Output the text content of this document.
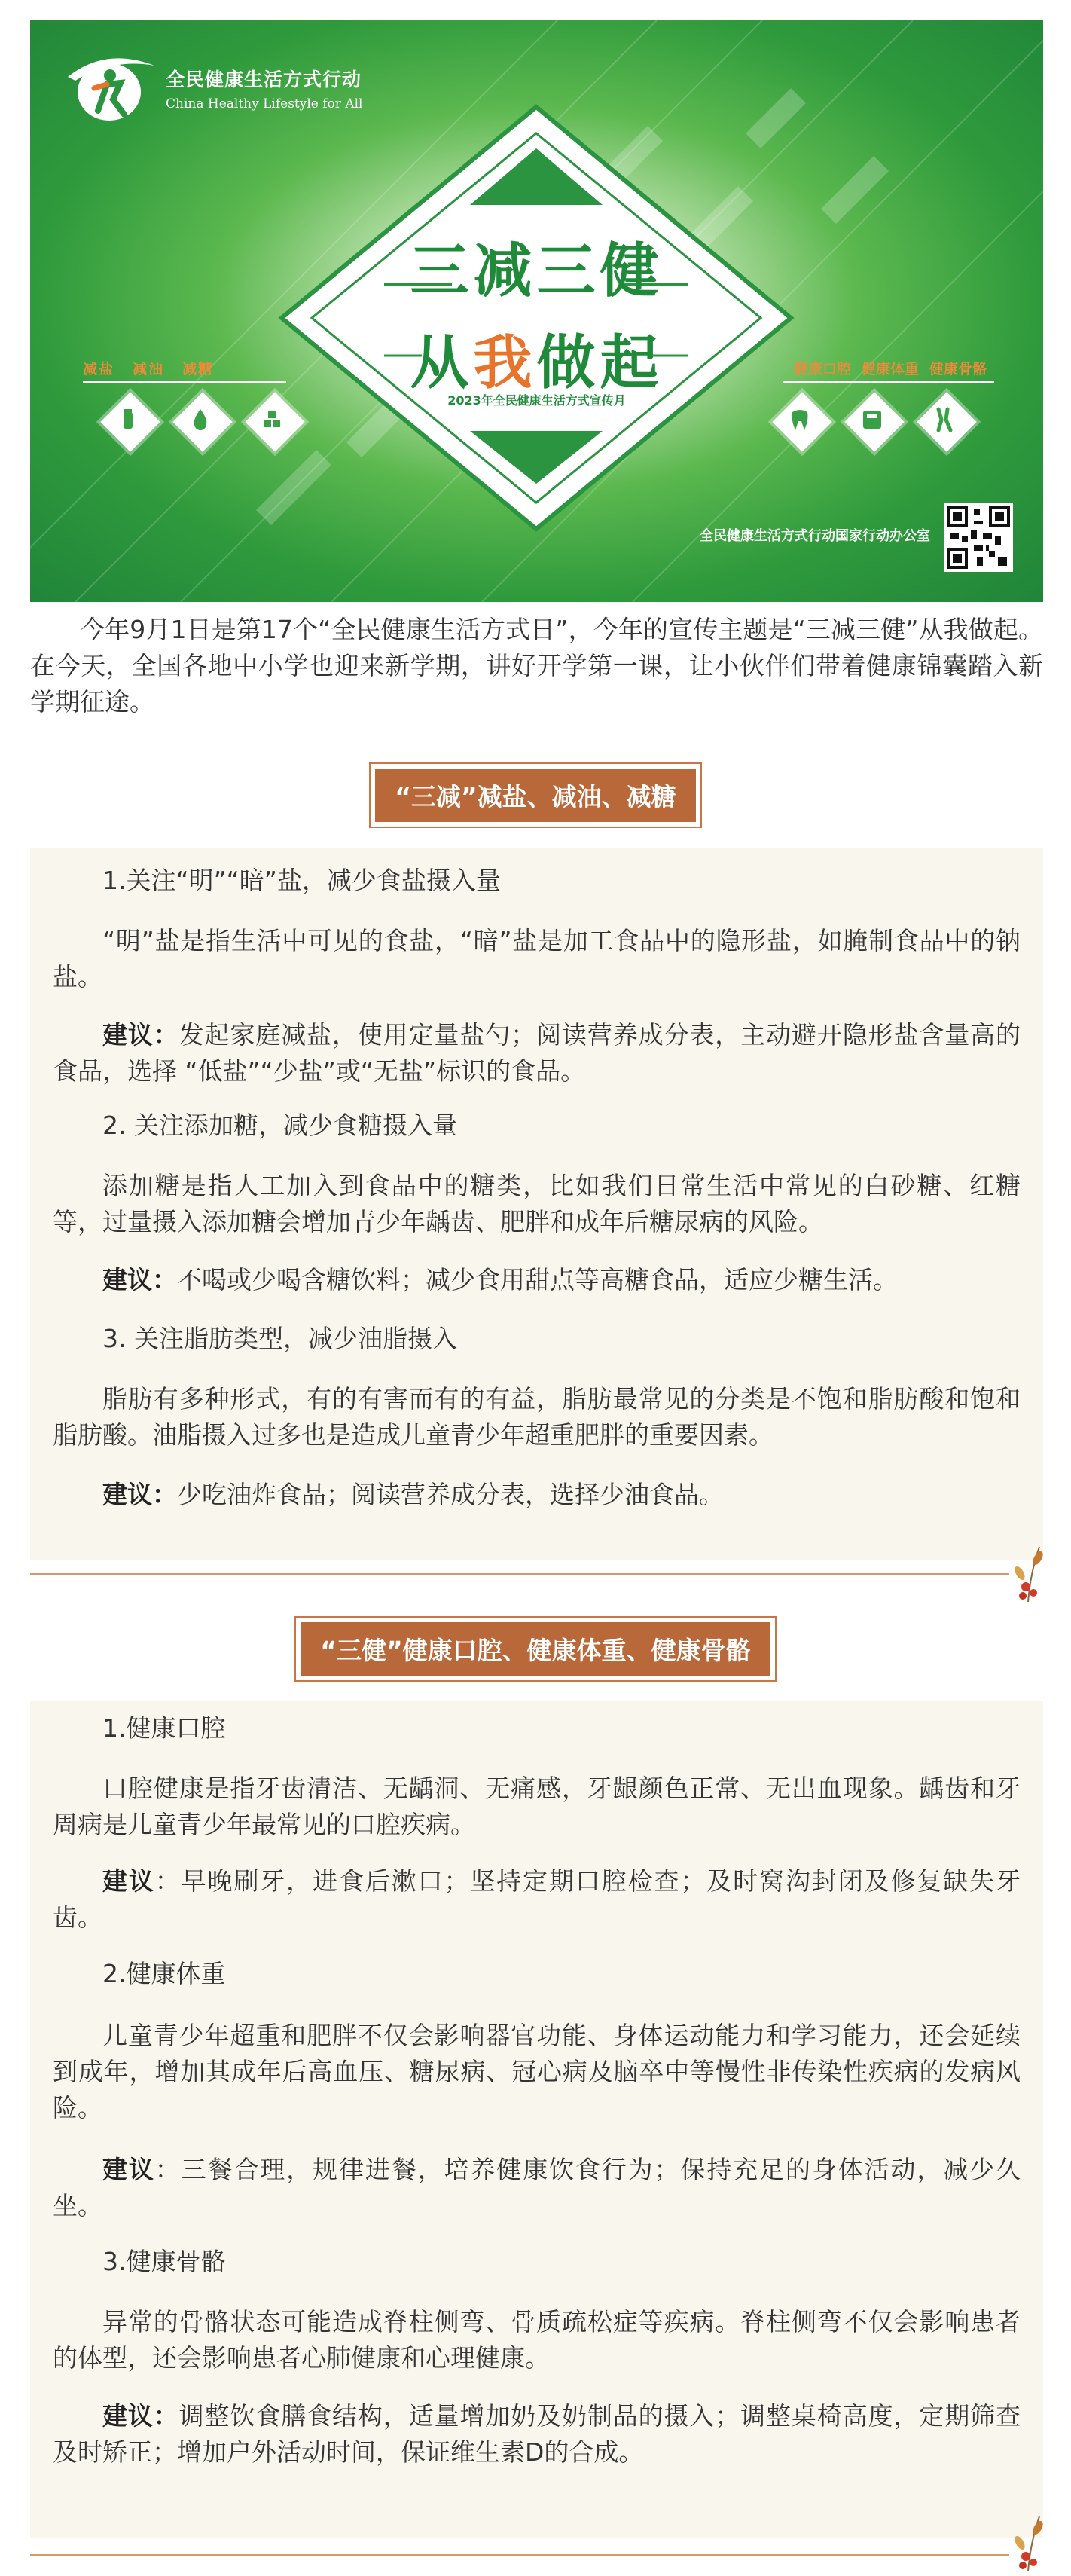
全民健康生活方式行动
China Healthy Lifestyle for All
三减三健
从我做起
2023年全民健康生活方式宣传月
减盐 减油 减糖	健康口腔 健康体重 健康骨骼
全民健康生活方式行动国家行动办公室

今年9月1日是第17个“全民健康生活方式日”，今年的宣传主题是“三减三健”从我做起。在今天，全国各地中小学也迎来新学期，讲好开学第一课，让小伙伴们带着健康锦囊踏入新学期征途。

“三减”减盐、减油、减糖
1.关注“明”“暗”盐，减少食盐摄入量
“明”盐是指生活中可见的食盐，“暗”盐是加工食品中的隐形盐，如腌制食品中的钠盐。
建议：发起家庭减盐，使用定量盐勺；阅读营养成分表，主动避开隐形盐含量高的食品，选择 “低盐”“少盐”或“无盐”标识的食品。
2. 关注添加糖，减少食糖摄入量
添加糖是指人工加入到食品中的糖类，比如我们日常生活中常见的白砂糖、红糖等，过量摄入添加糖会增加青少年龋齿、肥胖和成年后糖尿病的风险。
建议：不喝或少喝含糖饮料；减少食用甜点等高糖食品，适应少糖生活。
3. 关注脂肪类型，减少油脂摄入
脂肪有多种形式，有的有害而有的有益，脂肪最常见的分类是不饱和脂肪酸和饱和脂肪酸。油脂摄入过多也是造成儿童青少年超重肥胖的重要因素。
建议：少吃油炸食品；阅读营养成分表，选择少油食品。
“三健”健康口腔、健康体重、健康骨骼
1.健康口腔
口腔健康是指牙齿清洁、无龋洞、无痛感，牙龈颜色正常、无出血现象。龋齿和牙周病是儿童青少年最常见的口腔疾病。
建议：早晚刷牙，进食后漱口；坚持定期口腔检查；及时窝沟封闭及修复缺失牙齿。
2.健康体重
儿童青少年超重和肥胖不仅会影响器官功能、身体运动能力和学习能力，还会延续到成年，增加其成年后高血压、糖尿病、冠心病及脑卒中等慢性非传染性疾病的发病风险。
建议：三餐合理，规律进餐，培养健康饮食行为；保持充足的身体活动，减少久坐。
3.健康骨骼
异常的骨骼状态可能造成脊柱侧弯、骨质疏松症等疾病。脊柱侧弯不仅会影响患者的体型，还会影响患者心肺健康和心理健康。
建议：调整饮食膳食结构，适量增加奶及奶制品的摄入；调整桌椅高度，定期筛查及时矫正；增加户外活动时间，保证维生素D的合成。
